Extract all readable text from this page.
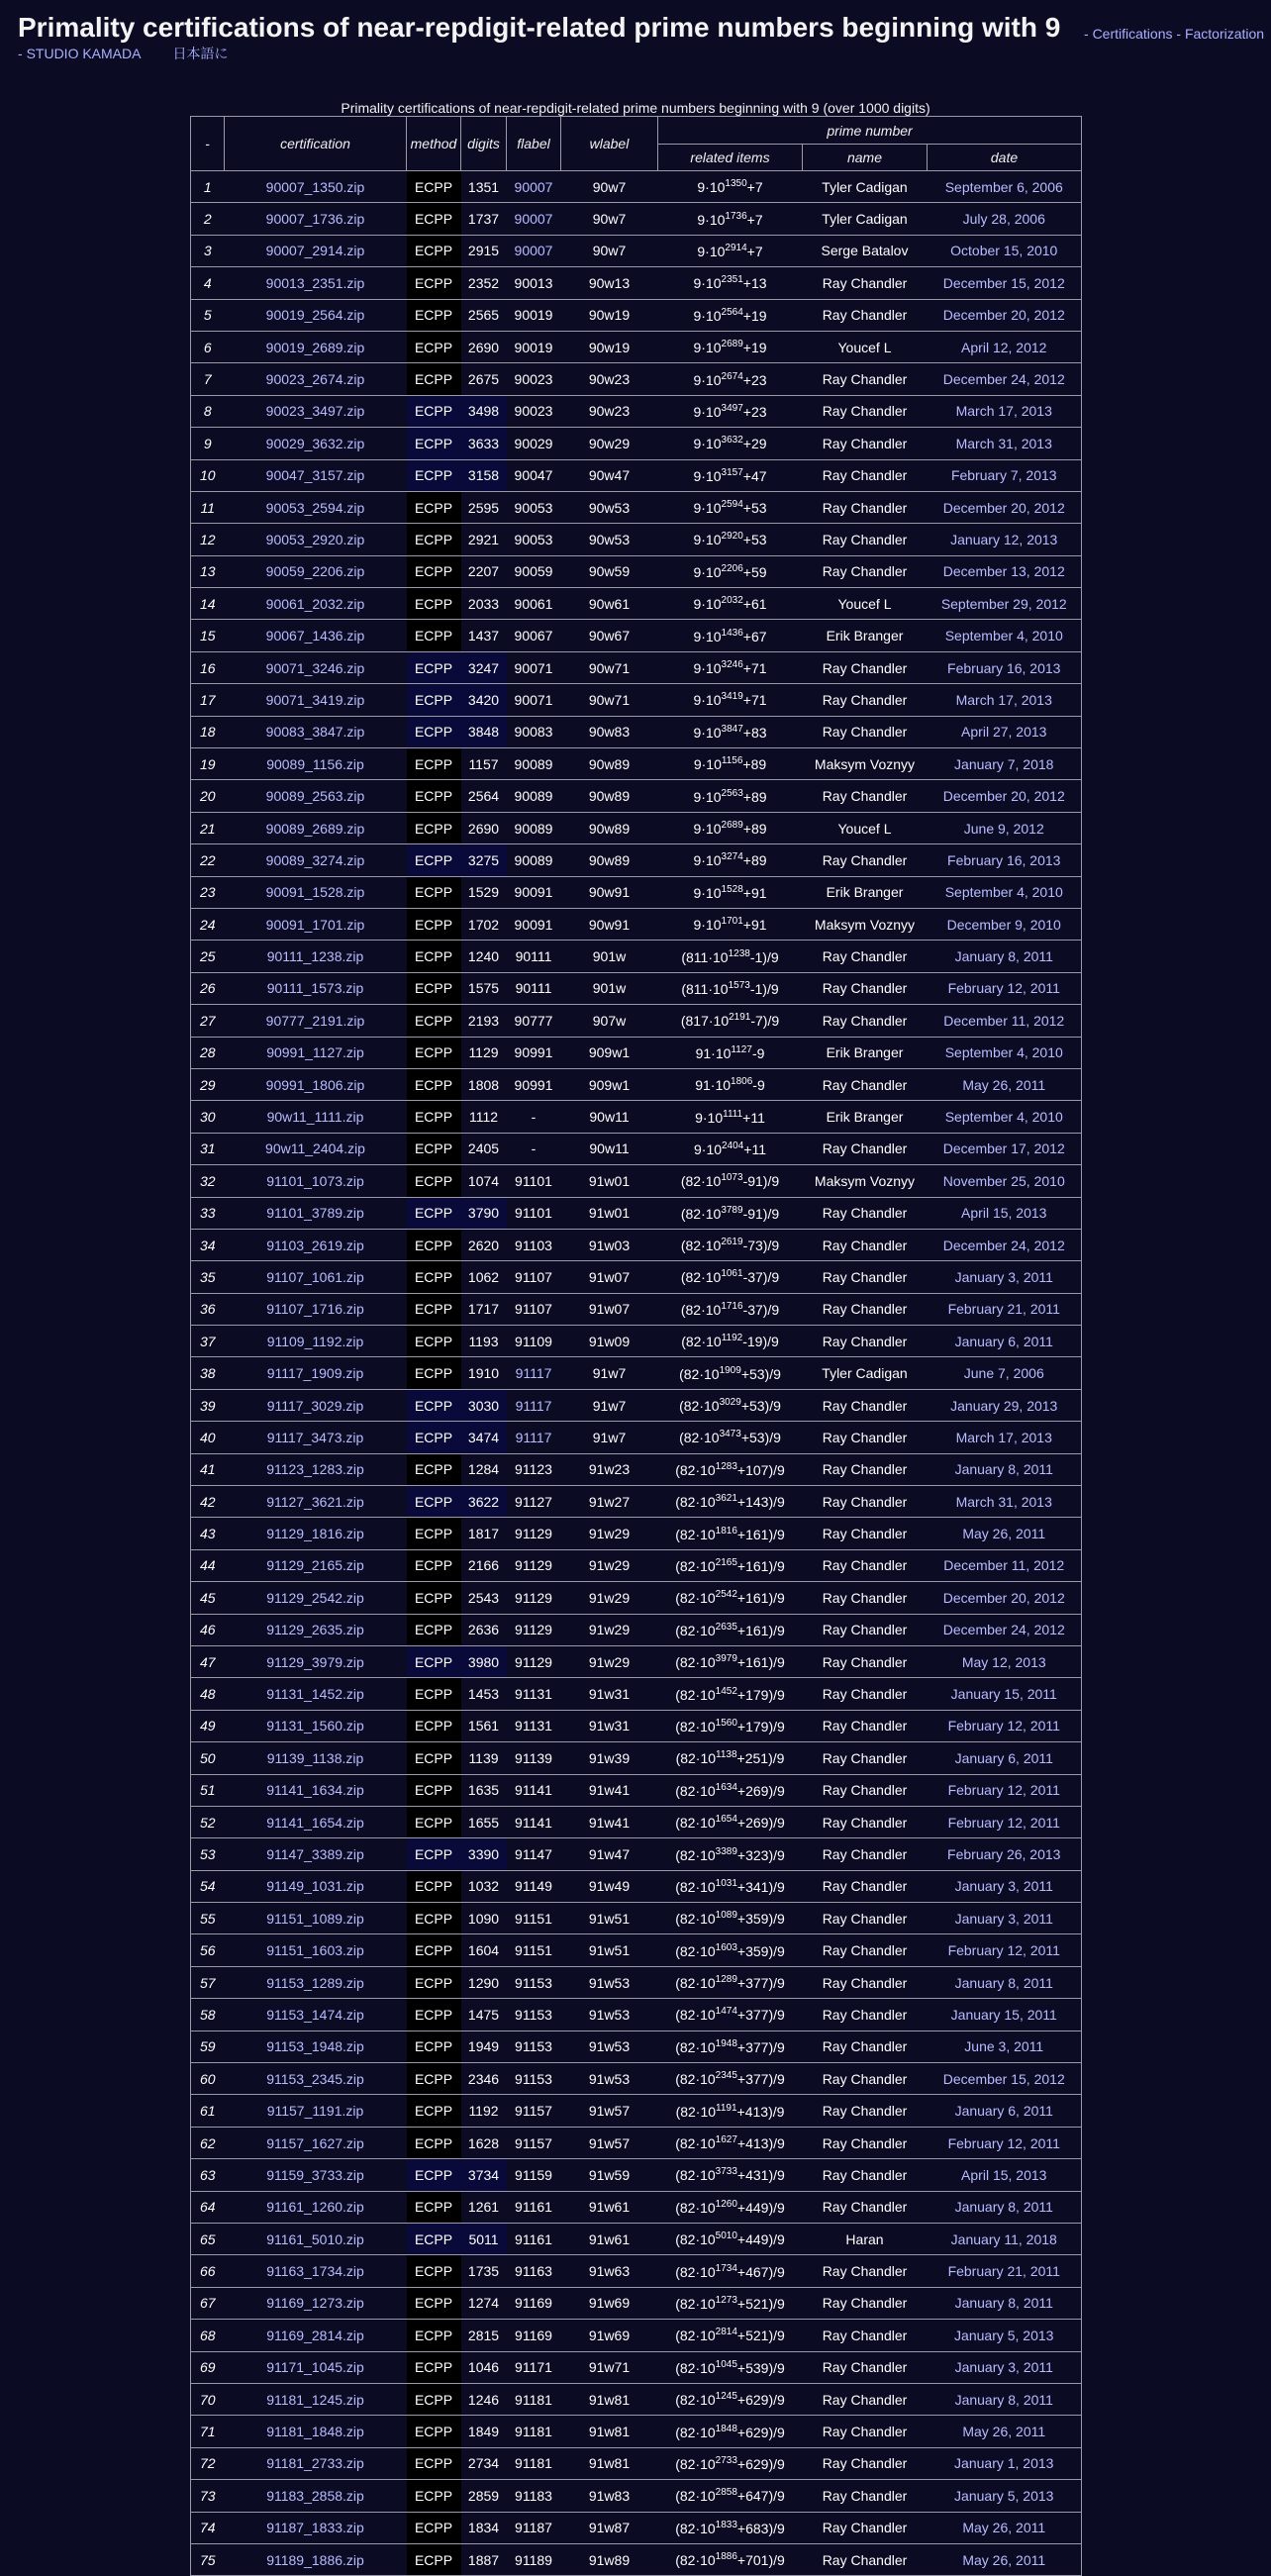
Primality certifications of near-repdigit-related prime numbers beginning with 9 - Certifications - Factorization
- STUDIO KAMADA 日本語に
Primality certifications of near-repdigit-related prime numbers beginning with 9 (over 1000 digits)
-	certification	method	digits	flabel	wlabel	prime number		
						related items	name	date
1	90007_1350.zip	ECPP	1351	90007	90w7	$9\cdot 10^{1350}+7$	Tyler Cadigan	September 6, 2006
2	90007_1736.zip	ECPP	1737	90007	90w7	$9\cdot 10^{1736}+7$	Tyler Cadigan	July 28, 2006
3	90007_2914.zip	ECPP	2915	90007	90w7	$9\cdot 10^{2914}+7$	Serge Batalov	October 15, 2010
4	90013_2351.zip	ECPP	2352	90013	90w13	$9\cdot 10^{2351}+13$	Ray Chandler	December 15, 2012
5	90019_2564.zip	ECPP	2565	90019	90w19	$9\cdot 10^{2564}+19$	Ray Chandler	December 20, 2012
6	90019_2689.zip	ECPP	2690	90019	90w19	$9\cdot 10^{2689}+19$	Youcef L	April 12, 2012
7	90023_2674.zip	ECPP	2675	90023	90w23	$9\cdot 10^{2674}+23$	Ray Chandler	December 24, 2012
8	90023_3497.zip	ECPP	3498	90023	90w23	$9\cdot 10^{3497}+23$	Ray Chandler	March 17, 2013
9	90029_3632.zip	ECPP	3633	90029	90w29	$9\cdot 10^{3632}+29$	Ray Chandler	March 31, 2013
10	90047_3157.zip	ECPP	3158	90047	90w47	$9\cdot 10^{3157}+47$	Ray Chandler	February 7, 2013
11	90053_2594.zip	ECPP	2595	90053	90w53	$9\cdot 10^{2594}+53$	Ray Chandler	December 20, 2012
12	90053_2920.zip	ECPP	2921	90053	90w53	$9\cdot 10^{2920}+53$	Ray Chandler	January 12, 2013
13	90059_2206.zip	ECPP	2207	90059	90w59	$9\cdot 10^{2206}+59$	Ray Chandler	December 13, 2012
14	90061_2032.zip	ECPP	2033	90061	90w61	$9\cdot 10^{2032}+61$	Youcef L	September 29, 2012
15	90067_1436.zip	ECPP	1437	90067	90w67	$9\cdot 10^{1436}+67$	Erik Branger	September 4, 2010
16	90071_3246.zip	ECPP	3247	90071	90w71	$9\cdot 10^{3246}+71$	Ray Chandler	February 16, 2013
17	90071_3419.zip	ECPP	3420	90071	90w71	$9\cdot 10^{3419}+71$	Ray Chandler	March 17, 2013
18	90083_3847.zip	ECPP	3848	90083	90w83	$9\cdot 10^{3847}+83$	Ray Chandler	April 27, 2013
19	90089_1156.zip	ECPP	1157	90089	90w89	$9\cdot 10^{1156}+89$	Maksym Voznyy	January 7, 2018
20	90089_2563.zip	ECPP	2564	90089	90w89	$9\cdot 10^{2563}+89$	Ray Chandler	December 20, 2012
21	90089_2689.zip	ECPP	2690	90089	90w89	$9\cdot 10^{2689}+89$	Youcef L	June 9, 2012
22	90089_3274.zip	ECPP	3275	90089	90w89	$9\cdot 10^{3274}+89$	Ray Chandler	February 16, 2013
23	90091_1528.zip	ECPP	1529	90091	90w91	$9\cdot 10^{1528}+91$	Erik Branger	September 4, 2010
24	90091_1701.zip	ECPP	1702	90091	90w91	$9\cdot 10^{1701}+91$	Maksym Voznyy	December 9, 2010
25	90111_1238.zip	ECPP	1240	90111	901w	$(811\cdot 10^{1238}-1)/9$	Ray Chandler	January 8, 2011
26	90111_1573.zip	ECPP	1575	90111	901w	$(811\cdot 10^{1573}-1)/9$	Ray Chandler	February 12, 2011
27	90777_2191.zip	ECPP	2193	90777	907w	$(817\cdot 10^{2191}-7)/9$	Ray Chandler	December 11, 2012
28	90991_1127.zip	ECPP	1129	90991	909w1	$91\cdot 10^{1127}-9$	Erik Branger	September 4, 2010
29	90991_1806.zip	ECPP	1808	90991	909w1	$91\cdot 10^{1806}-9$	Ray Chandler	May 26, 2011
30	90w11_1111.zip	ECPP	1112	-	90w11	$9\cdot 10^{1111}+11$	Erik Branger	September 4, 2010
31	90w11_2404.zip	ECPP	2405	-	90w11	$9\cdot 10^{2404}+11$	Ray Chandler	December 17, 2012
32	91101_1073.zip	ECPP	1074	91101	91w01	$(82\cdot 10^{1073}-91)/9$	Maksym Voznyy	November 25, 2010
33	91101_3789.zip	ECPP	3790	91101	91w01	$(82\cdot 10^{3789}-91)/9$	Ray Chandler	April 15, 2013
34	91103_2619.zip	ECPP	2620	91103	91w03	$(82\cdot 10^{2619}-73)/9$	Ray Chandler	December 24, 2012
35	91107_1061.zip	ECPP	1062	91107	91w07	$(82\cdot 10^{1061}-37)/9$	Ray Chandler	January 3, 2011
36	91107_1716.zip	ECPP	1717	91107	91w07	$(82\cdot 10^{1716}-37)/9$	Ray Chandler	February 21, 2011
37	91109_1192.zip	ECPP	1193	91109	91w09	$(82\cdot 10^{1192}-19)/9$	Ray Chandler	January 6, 2011
38	91117_1909.zip	ECPP	1910	91117	91w7	$(82\cdot 10^{1909}+53)/9$	Tyler Cadigan	June 7, 2006
39	91117_3029.zip	ECPP	3030	91117	91w7	$(82\cdot 10^{3029}+53)/9$	Ray Chandler	January 29, 2013
40	91117_3473.zip	ECPP	3474	91117	91w7	$(82\cdot 10^{3473}+53)/9$	Ray Chandler	March 17, 2013
41	91123_1283.zip	ECPP	1284	91123	91w23	$(82\cdot 10^{1283}+107)/9$	Ray Chandler	January 8, 2011
42	91127_3621.zip	ECPP	3622	91127	91w27	$(82\cdot 10^{3621}+143)/9$	Ray Chandler	March 31, 2013
43	91129_1816.zip	ECPP	1817	91129	91w29	$(82\cdot 10^{1816}+161)/9$	Ray Chandler	May 26, 2011
44	91129_2165.zip	ECPP	2166	91129	91w29	$(82\cdot 10^{2165}+161)/9$	Ray Chandler	December 11, 2012
45	91129_2542.zip	ECPP	2543	91129	91w29	$(82\cdot 10^{2542}+161)/9$	Ray Chandler	December 20, 2012
46	91129_2635.zip	ECPP	2636	91129	91w29	$(82\cdot 10^{2635}+161)/9$	Ray Chandler	December 24, 2012
47	91129_3979.zip	ECPP	3980	91129	91w29	$(82\cdot 10^{3979}+161)/9$	Ray Chandler	May 12, 2013
48	91131_1452.zip	ECPP	1453	91131	91w31	$(82\cdot 10^{1452}+179)/9$	Ray Chandler	January 15, 2011
49	91131_1560.zip	ECPP	1561	91131	91w31	$(82\cdot 10^{1560}+179)/9$	Ray Chandler	February 12, 2011
50	91139_1138.zip	ECPP	1139	91139	91w39	$(82\cdot 10^{1138}+251)/9$	Ray Chandler	January 6, 2011
51	91141_1634.zip	ECPP	1635	91141	91w41	$(82\cdot 10^{1634}+269)/9$	Ray Chandler	February 12, 2011
52	91141_1654.zip	ECPP	1655	91141	91w41	$(82\cdot 10^{1654}+269)/9$	Ray Chandler	February 12, 2011
53	91147_3389.zip	ECPP	3390	91147	91w47	$(82\cdot 10^{3389}+323)/9$	Ray Chandler	February 26, 2013
54	91149_1031.zip	ECPP	1032	91149	91w49	$(82\cdot 10^{1031}+341)/9$	Ray Chandler	January 3, 2011
55	91151_1089.zip	ECPP	1090	91151	91w51	$(82\cdot 10^{1089}+359)/9$	Ray Chandler	January 3, 2011
56	91151_1603.zip	ECPP	1604	91151	91w51	$(82\cdot 10^{1603}+359)/9$	Ray Chandler	February 12, 2011
57	91153_1289.zip	ECPP	1290	91153	91w53	$(82\cdot 10^{1289}+377)/9$	Ray Chandler	January 8, 2011
58	91153_1474.zip	ECPP	1475	91153	91w53	$(82\cdot 10^{1474}+377)/9$	Ray Chandler	January 15, 2011
59	91153_1948.zip	ECPP	1949	91153	91w53	$(82\cdot 10^{1948}+377)/9$	Ray Chandler	June 3, 2011
60	91153_2345.zip	ECPP	2346	91153	91w53	$(82\cdot 10^{2345}+377)/9$	Ray Chandler	December 15, 2012
61	91157_1191.zip	ECPP	1192	91157	91w57	$(82\cdot 10^{1191}+413)/9$	Ray Chandler	January 6, 2011
62	91157_1627.zip	ECPP	1628	91157	91w57	$(82\cdot 10^{1627}+413)/9$	Ray Chandler	February 12, 2011
63	91159_3733.zip	ECPP	3734	91159	91w59	$(82\cdot 10^{3733}+431)/9$	Ray Chandler	April 15, 2013
64	91161_1260.zip	ECPP	1261	91161	91w61	$(82\cdot 10^{1260}+449)/9$	Ray Chandler	January 8, 2011
65	91161_5010.zip	ECPP	5011	91161	91w61	$(82\cdot 10^{5010}+449)/9$	Haran	January 11, 2018
66	91163_1734.zip	ECPP	1735	91163	91w63	$(82\cdot 10^{1734}+467)/9$	Ray Chandler	February 21, 2011
67	91169_1273.zip	ECPP	1274	91169	91w69	$(82\cdot 10^{1273}+521)/9$	Ray Chandler	January 8, 2011
68	91169_2814.zip	ECPP	2815	91169	91w69	$(82\cdot 10^{2814}+521)/9$	Ray Chandler	January 5, 2013
69	91171_1045.zip	ECPP	1046	91171	91w71	$(82\cdot 10^{1045}+539)/9$	Ray Chandler	January 3, 2011
70	91181_1245.zip	ECPP	1246	91181	91w81	$(82\cdot 10^{1245}+629)/9$	Ray Chandler	January 8, 2011
71	91181_1848.zip	ECPP	1849	91181	91w81	$(82\cdot 10^{1848}+629)/9$	Ray Chandler	May 26, 2011
72	91181_2733.zip	ECPP	2734	91181	91w81	$(82\cdot 10^{2733}+629)/9$	Ray Chandler	January 1, 2013
73	91183_2858.zip	ECPP	2859	91183	91w83	$(82\cdot 10^{2858}+647)/9$	Ray Chandler	January 5, 2013
74	91187_1833.zip	ECPP	1834	91187	91w87	$(82\cdot 10^{1833}+683)/9$	Ray Chandler	May 26, 2011
75	91189_1886.zip	ECPP	1887	91189	91w89	$(82\cdot 10^{1886}+701)/9$	Ray Chandler	May 26, 2011
